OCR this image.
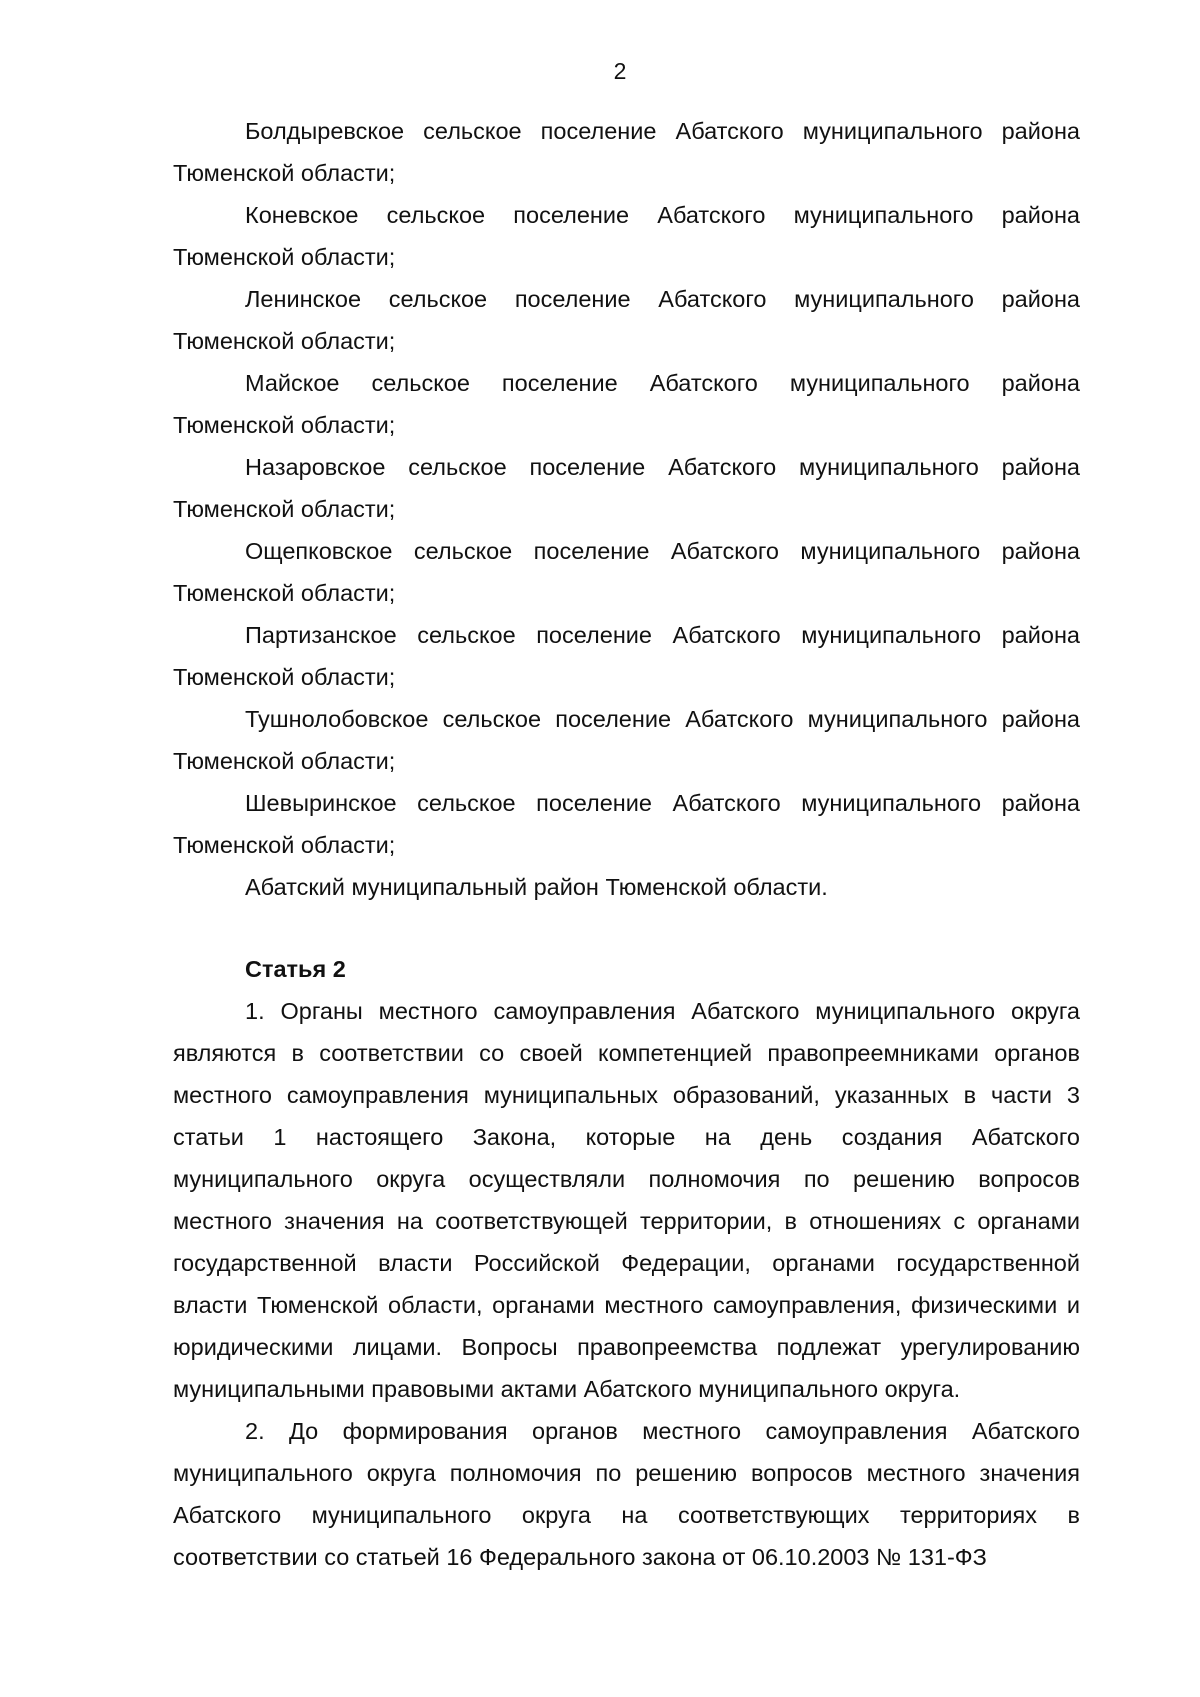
2

Болдыревское сельское поселение Абатского муниципального района Тюменской области;

Коневское сельское поселение Абатского муниципального района Тюменской области;

Ленинское сельское поселение Абатского муниципального района Тюменской области;

Майское сельское поселение Абатского муниципального района Тюменской области;

Назаровское сельское поселение Абатского муниципального района Тюменской области;

Ощепковское сельское поселение Абатского муниципального района Тюменской области;

Партизанское сельское поселение Абатского муниципального района Тюменской области;

Тушнолобовское сельское поселение Абатского муниципального района Тюменской области;

Шевыринское сельское поселение Абатского муниципального района Тюменской области;

Абатский муниципальный район Тюменской области.

Статья 2

1. Органы местного самоуправления Абатского муниципального округа являются в соответствии со своей компетенцией правопреемниками органов местного самоуправления муниципальных образований, указанных в части 3 статьи 1 настоящего Закона, которые на день создания Абатского муниципального округа осуществляли полномочия по решению вопросов местного значения на соответствующей территории, в отношениях с органами государственной власти Российской Федерации, органами государственной власти Тюменской области, органами местного самоуправления, физическими и юридическими лицами. Вопросы правопреемства подлежат урегулированию муниципальными правовыми актами Абатского муниципального округа.

2. До формирования органов местного самоуправления Абатского муниципального округа полномочия по решению вопросов местного значения Абатского муниципального округа на соответствующих территориях в соответствии со статьей 16 Федерального закона от 06.10.2003 № 131-ФЗ
